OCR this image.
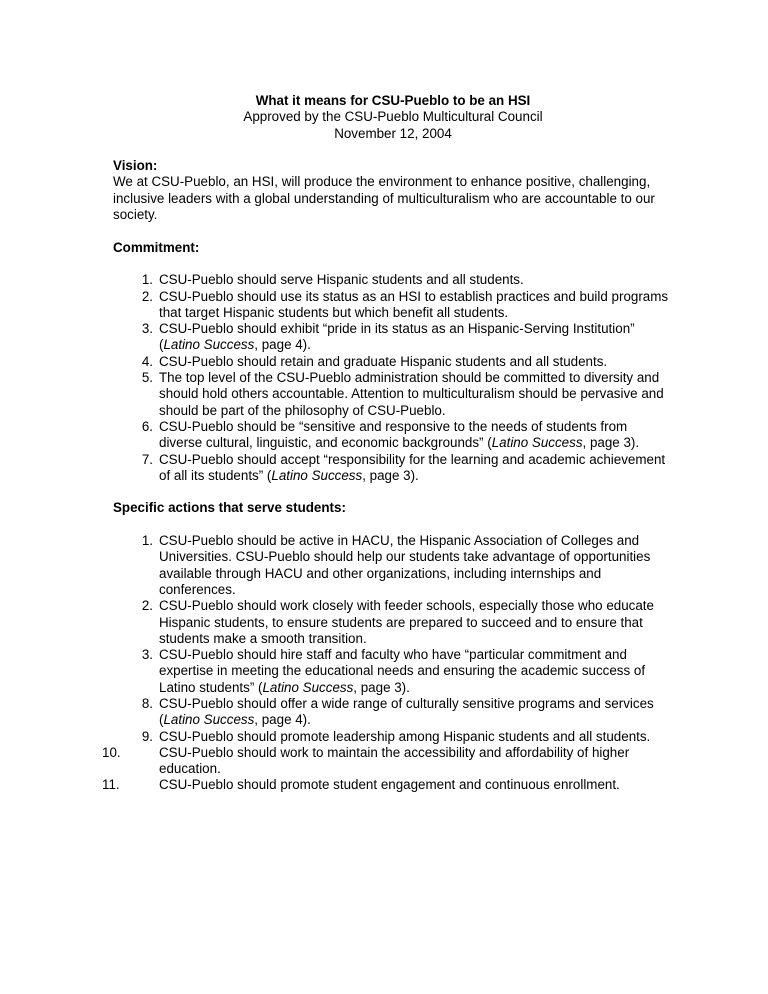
What it means for CSU-Pueblo to be an HSI
Approved by the CSU-Pueblo Multicultural Council
November 12, 2004
Vision:
We at CSU-Pueblo, an HSI, will produce the environment to enhance positive, challenging, inclusive leaders with a global understanding of multiculturalism who are accountable to our society.
Commitment:
1. CSU-Pueblo should serve Hispanic students and all students.
2. CSU-Pueblo should use its status as an HSI to establish practices and build programs that target Hispanic students but which benefit all students.
3. CSU-Pueblo should exhibit “pride in its status as an Hispanic-Serving Institution” (Latino Success, page 4).
4. CSU-Pueblo should retain and graduate Hispanic students and all students.
5. The top level of the CSU-Pueblo administration should be committed to diversity and should hold others accountable. Attention to multiculturalism should be pervasive and should be part of the philosophy of CSU-Pueblo.
6. CSU-Pueblo should be “sensitive and responsive to the needs of students from diverse cultural, linguistic, and economic backgrounds” (Latino Success, page 3).
7. CSU-Pueblo should accept “responsibility for the learning and academic achievement of all its students” (Latino Success, page 3).
Specific actions that serve students:
1. CSU-Pueblo should be active in HACU, the Hispanic Association of Colleges and Universities. CSU-Pueblo should help our students take advantage of opportunities available through HACU and other organizations, including internships and conferences.
2. CSU-Pueblo should work closely with feeder schools, especially those who educate Hispanic students, to ensure students are prepared to succeed and to ensure that students make a smooth transition.
3. CSU-Pueblo should hire staff and faculty who have “particular commitment and expertise in meeting the educational needs and ensuring the academic success of Latino students” (Latino Success, page 3).
8. CSU-Pueblo should offer a wide range of culturally sensitive programs and services (Latino Success, page 4).
9. CSU-Pueblo should promote leadership among Hispanic students and all students.
10.	CSU-Pueblo should work to maintain the accessibility and affordability of higher education.
11.	CSU-Pueblo should promote student engagement and continuous enrollment.
